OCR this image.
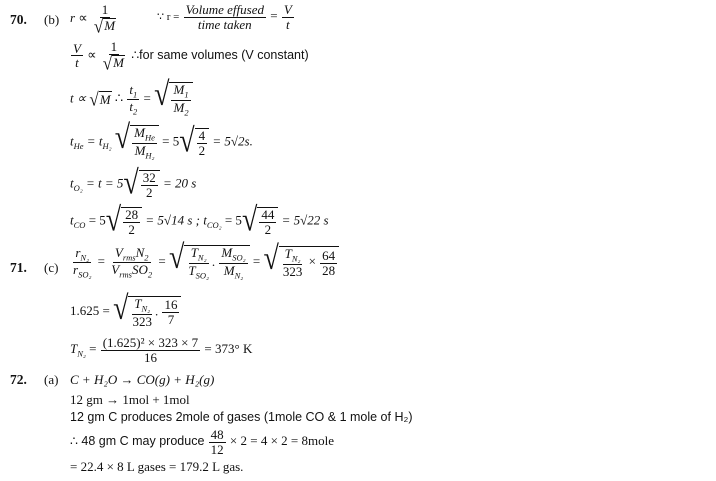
70. (b) $r \propto \frac{1}{√ M}$	∵ $r = \frac{\text{Volume effused}}{\text{time taken}} = \frac{V}{t}$
$\frac{V}{t} \propto \frac{1}{√ M}$ ∴for same volumes (V constant)
t ∝ √ M ∴ $\frac{t_1}{t_2}$ = √ $\frac{M_1}{M_2}$
$t_{He} = t_{H_2}$ √ $\frac{M_{He}}{M_{H_2}} = 5$ √ $\frac{4}{2} = 5√2s$.
$t_{O_2} = t = 5$ √ $\frac{32}{2} = 20$ s
$t_{CO} = 5$ √ $\frac{28}{2} = 5√14$ s ; $t_{CO_2} = 5$ √ $\frac{44}{2} = 5√22$ s
71. $(c) \frac{r_{N_2}}{r_{SO_2}} = \frac{V_{rms}N_2}{V_{rms}SO_2}$ = √ $\frac{T_{N_2}}{T_{SO_2}}$ . $\frac{M_{SO_2}}{M_{N_2}}$ = √ $\frac{T_{N_2}}{323} \times \frac{64}{28}$
1.625 = √ $\frac{T_{N_2}}{323}$ . $\frac{16}{7}$
$T_{N_2} = \frac{\text{(1.625)² × 323 × 7}}{16} = 373^\circ$ K
72. (a) C + H₂O → CO(g) + H₂(g)
12 gm → 1mol + 1mol
12 gm C produces 2mole of gases (1mole CO & 1 mole of H₂)
∴ 48 gm C may produce $\frac{48}{12} \times 2 = 4 \times 2$ = 8mole
= 22.4 × 8 L gases = 179.2 L gas.
